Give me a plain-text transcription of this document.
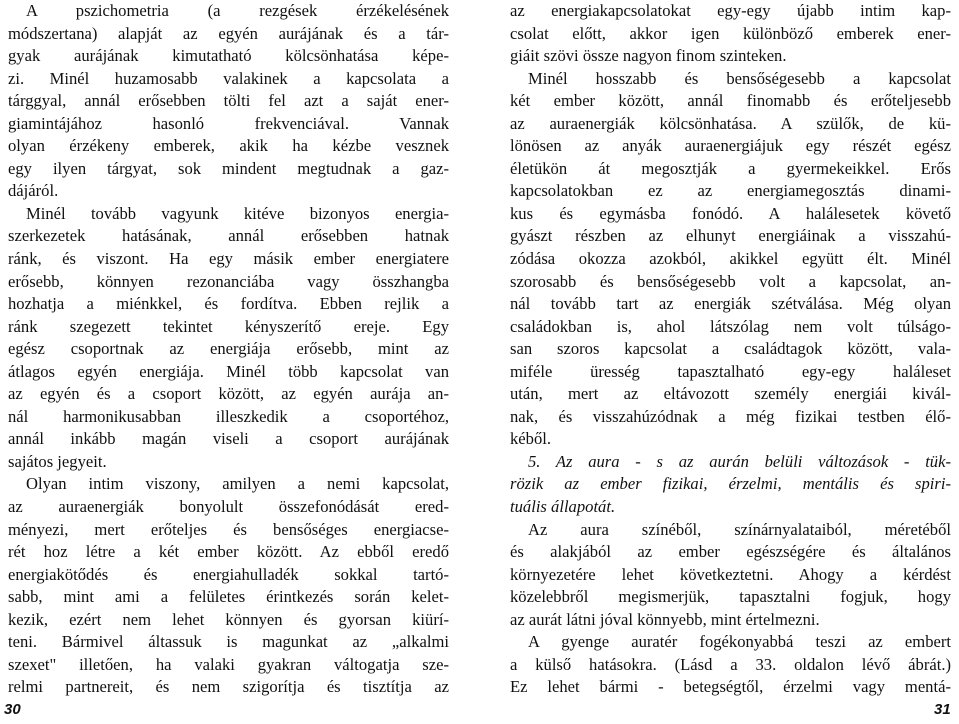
A pszichometria (a rezgések érzékelésének
módszertana) alapját az egyén aurájának és a tár-
gyak aurájának kimutatható kölcsönhatása képe-
zi. Minél huzamosabb valakinek a kapcsolata a
tárggyal, annál erősebben tölti fel azt a saját ener-
giamintájához hasonló frekvenciával. Vannak
olyan érzékeny emberek, akik ha kézbe vesznek
egy ilyen tárgyat, sok mindent megtudnak a gaz-
dájáról.
Minél tovább vagyunk kitéve bizonyos energia-
szerkezetek hatásának, annál erősebben hatnak
ránk, és viszont. Ha egy másik ember energiatere
erősebb, könnyen rezonanciába vagy összhangba
hozhatja a miénkkel, és fordítva. Ebben rejlik a
ránk szegezett tekintet kényszerítő ereje. Egy
egész csoportnak az energiája erősebb, mint az
átlagos egyén energiája. Minél több kapcsolat van
az egyén és a csoport között, az egyén aurája an-
nál harmonikusabban illeszkedik a csoportéhoz,
annál inkább magán viseli a csoport aurájának
sajátos jegyeit.
Olyan intim viszony, amilyen a nemi kapcsolat,
az auraenergiák bonyolult összefonódását ered-
ményezi, mert erőteljes és bensőséges energiacse-
rét hoz létre a két ember között. Az ebből eredő
energiakötődés és energiahulladék sokkal tartó-
sabb, mint ami a felületes érintkezés során kelet-
kezik, ezért nem lehet könnyen és gyorsan kiürí-
teni. Bármivel áltassuk is magunkat az „alkalmi
szexet" illetően, ha valaki gyakran váltogatja sze-
relmi partnereit, és nem szigorítja és tisztítja az
az energiakapcsolatokat egy-egy újabb intim kap-
csolat előtt, akkor igen különböző emberek ener-
giáit szövi össze nagyon finom szinteken.
Minél hosszabb és bensőségesebb a kapcsolat
két ember között, annál finomabb és erőteljesebb
az auraenergiák kölcsönhatása. A szülők, de kü-
lönösen az anyák auraenergiájuk egy részét egész
életükön át megosztják a gyermekeikkel. Erős
kapcsolatokban ez az energiamegosztás dinami-
kus és egymásba fonódó. A halálesetek követő
gyászt részben az elhunyt energiáinak a visszahú-
zódása okozza azokból, akikkel együtt élt. Minél
szorosabb és bensőségesebb volt a kapcsolat, an-
nál tovább tart az energiák szétválása. Még olyan
családokban is, ahol látszólag nem volt túlságo-
san szoros kapcsolat a családtagok között, vala-
miféle üresség tapasztalható egy-egy haláleset
után, mert az eltávozott személy energiái kivál-
nak, és visszahúzódnak a még fizikai testben élő-
kéből.
5. Az aura - s az aurán belüli változások - tük-
rözik az ember fizikai, érzelmi, mentális és spiri-
tuális állapotát.
Az aura színéből, színárnyalataiból, méretéből
és alakjából az ember egészségére és általános
környezetére lehet következtetni. Ahogy a kérdést
közelebbről megismerjük, tapasztalni fogjuk, hogy
az aurát látni jóval könnyebb, mint értelmezni.
A gyenge auratér fogékonyabbá teszi az embert
a külső hatásokra. (Lásd a 33. oldalon lévő ábrát.)
Ez lehet bármi - betegségtől, érzelmi vagy mentá-
30	31
